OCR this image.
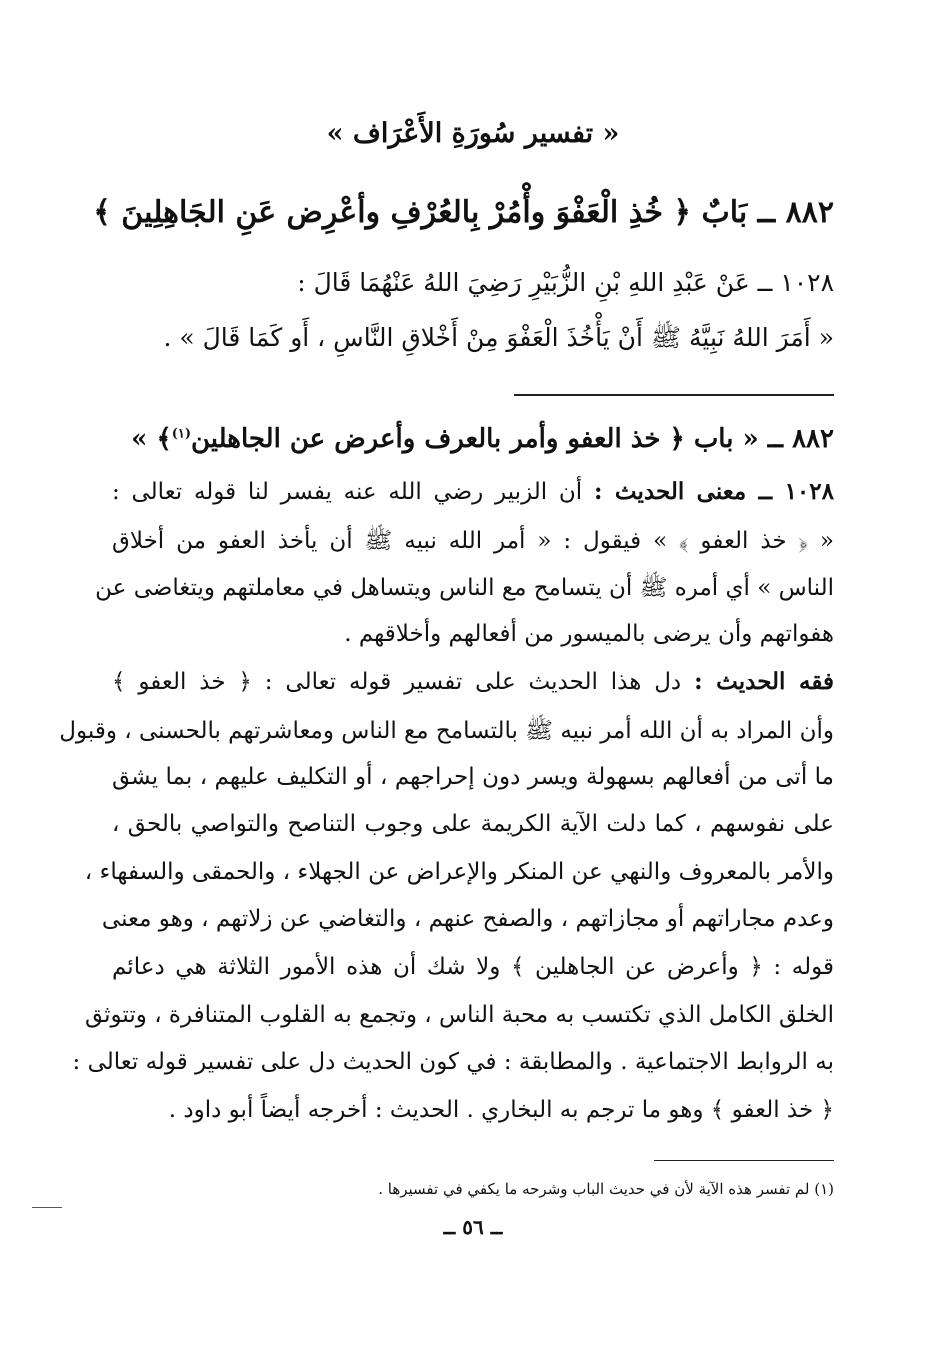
« تفسير سُورَةِ الأَعْرَاف »
٨٨٢ ــ بَابٌ ﴿ خُذِ الْعَفْوَ وأْمُرْ بِالعُرْفِ وأعْرِض عَنِ الجَاهِلِينَ ﴾
١٠٢٨ ــ عَنْ عَبْدِ اللهِ بْنِ الزُّبَيْرِ رَضِيَ اللهُ عَنْهُمَا قَالَ :
« أَمَرَ اللهُ نَبِيَّهُ ﷺ أَنْ يَأْخُذَ الْعَفْوَ مِنْ أَخْلاقِ النَّاسِ ، أَو كَمَا قَالَ » .
٨٨٢ ــ « باب ﴿ خذ العفو وأمر بالعرف وأعرض عن الجاهلين$^{(١)}$﴾ »
١٠٢٨ ــ معنى الحديث : أن الزبير رضي الله عنه يفسر لنا قوله تعالى :
« ﴿ خذ العفو ﴾ » فيقول : « أمر الله نبيه ﷺ أن يأخذ العفو من أخلاق
الناس » أي أمره ﷺ أن يتسامح مع الناس ويتساهل في معاملتهم ويتغاضى عن
هفواتهم وأن يرضى بالميسور من أفعالهم وأخلاقهم .
فقه الحديث : دل هذا الحديث على تفسير قوله تعالى : ﴿ خذ العفو ﴾
وأن المراد به أن الله أمر نبيه ﷺ بالتسامح مع الناس ومعاشرتهم بالحسنى ، وقبول
ما أتى من أفعالهم بسهولة ويسر دون إحراجهم ، أو التكليف عليهم ، بما يشق
على نفوسهم ، كما دلت الآية الكريمة على وجوب التناصح والتواصي بالحق ،
والأمر بالمعروف والنهي عن المنكر والإعراض عن الجهلاء ، والحمقى والسفهاء ،
وعدم مجاراتهم أو مجازاتهم ، والصفح عنهم ، والتغاضي عن زلاتهم ، وهو معنى
قوله : ﴿ وأعرض عن الجاهلين ﴾ ولا شك أن هذه الأمور الثلاثة هي دعائم
الخلق الكامل الذي تكتسب به محبة الناس ، وتجمع به القلوب المتنافرة ، وتتوثق
به الروابط الاجتماعية . والمطابقة : في كون الحديث دل على تفسير قوله تعالى :
﴿ خذ العفو ﴾ وهو ما ترجم به البخاري . الحديث : أخرجه أيضاً أبو داود .
(١) لم تفسر هذه الآية لأن في حديث الباب وشرحه ما يكفي في تفسيرها .
ــ ٥٦ ــ
